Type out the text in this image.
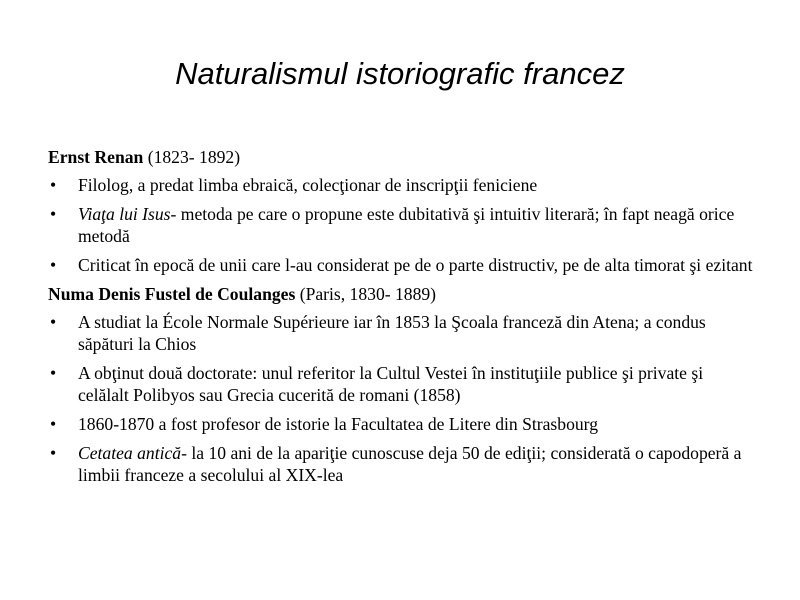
Naturalismul istoriografic francez
Ernst Renan (1823- 1892)
• Filolog, a predat limba ebraică, colecţionar de inscripţii feniciene
• Viaţa lui Isus- metoda pe care o propune este dubitativă şi intuitiv literară; în fapt neagă orice metodă
• Criticat în epocă de unii care l-au considerat pe de o parte distructiv, pe de alta timorat şi ezitant
Numa Denis Fustel de Coulanges (Paris, 1830- 1889)
• A studiat la École Normale Supérieure iar în 1853 la Şcoala franceză din Atena; a condus săpături la Chios
• A obţinut două doctorate: unul referitor la Cultul Vestei în instituţiile publice şi private şi celălalt Polibyos sau Grecia cucerită de romani (1858)
• 1860-1870 a fost profesor de istorie la Facultatea de Litere din Strasbourg
• Cetatea antică- la 10 ani de la apariţie cunoscuse deja 50 de ediţii; considerată o capodoperă a limbii franceze a secolului al XIX-lea
